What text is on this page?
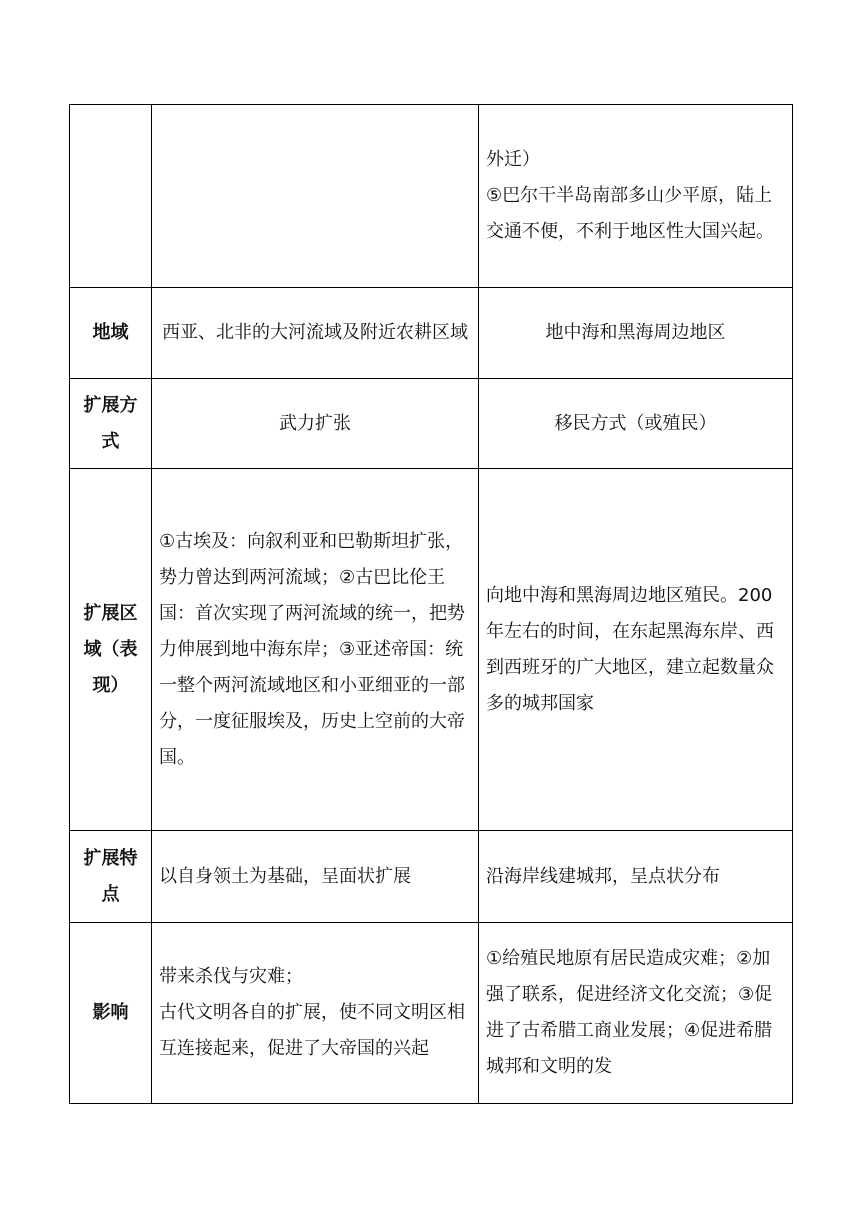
		外迁）
⑤巴尔干半岛南部多山少平原，陆上交通不便，不利于地区性大国兴起。

地域	西亚、北非的大河流域及附近农耕区域	地中海和黑海周边地区
扩展方式	武力扩张	移民方式（或殖民）
扩展区域（表现）	①古埃及：向叙利亚和巴勒斯坦扩张，势力曾达到两河流域；②古巴比伦王国：首次实现了两河流域的统一，把势力伸展到地中海东岸；③亚述帝国：统一整个两河流域地区和小亚细亚的一部分，一度征服埃及，历史上空前的大帝国。	向地中海和黑海周边地区殖民。200 年左右的时间，在东起黑海东岸、西到西班牙的广大地区，建立起数量众多的城邦国家
扩展特点	以自身领土为基础，呈面状扩展	沿海岸线建城邦，呈点状分布
影响	带来杀伐与灾难；
古代文明各自的扩展，使不同文明区相互连接起来，促进了大帝国的兴起	①给殖民地原有居民造成灾难；②加强了联系，促进经济文化交流；③促进了古希腊工商业发展；④促进希腊城邦和文明的发
